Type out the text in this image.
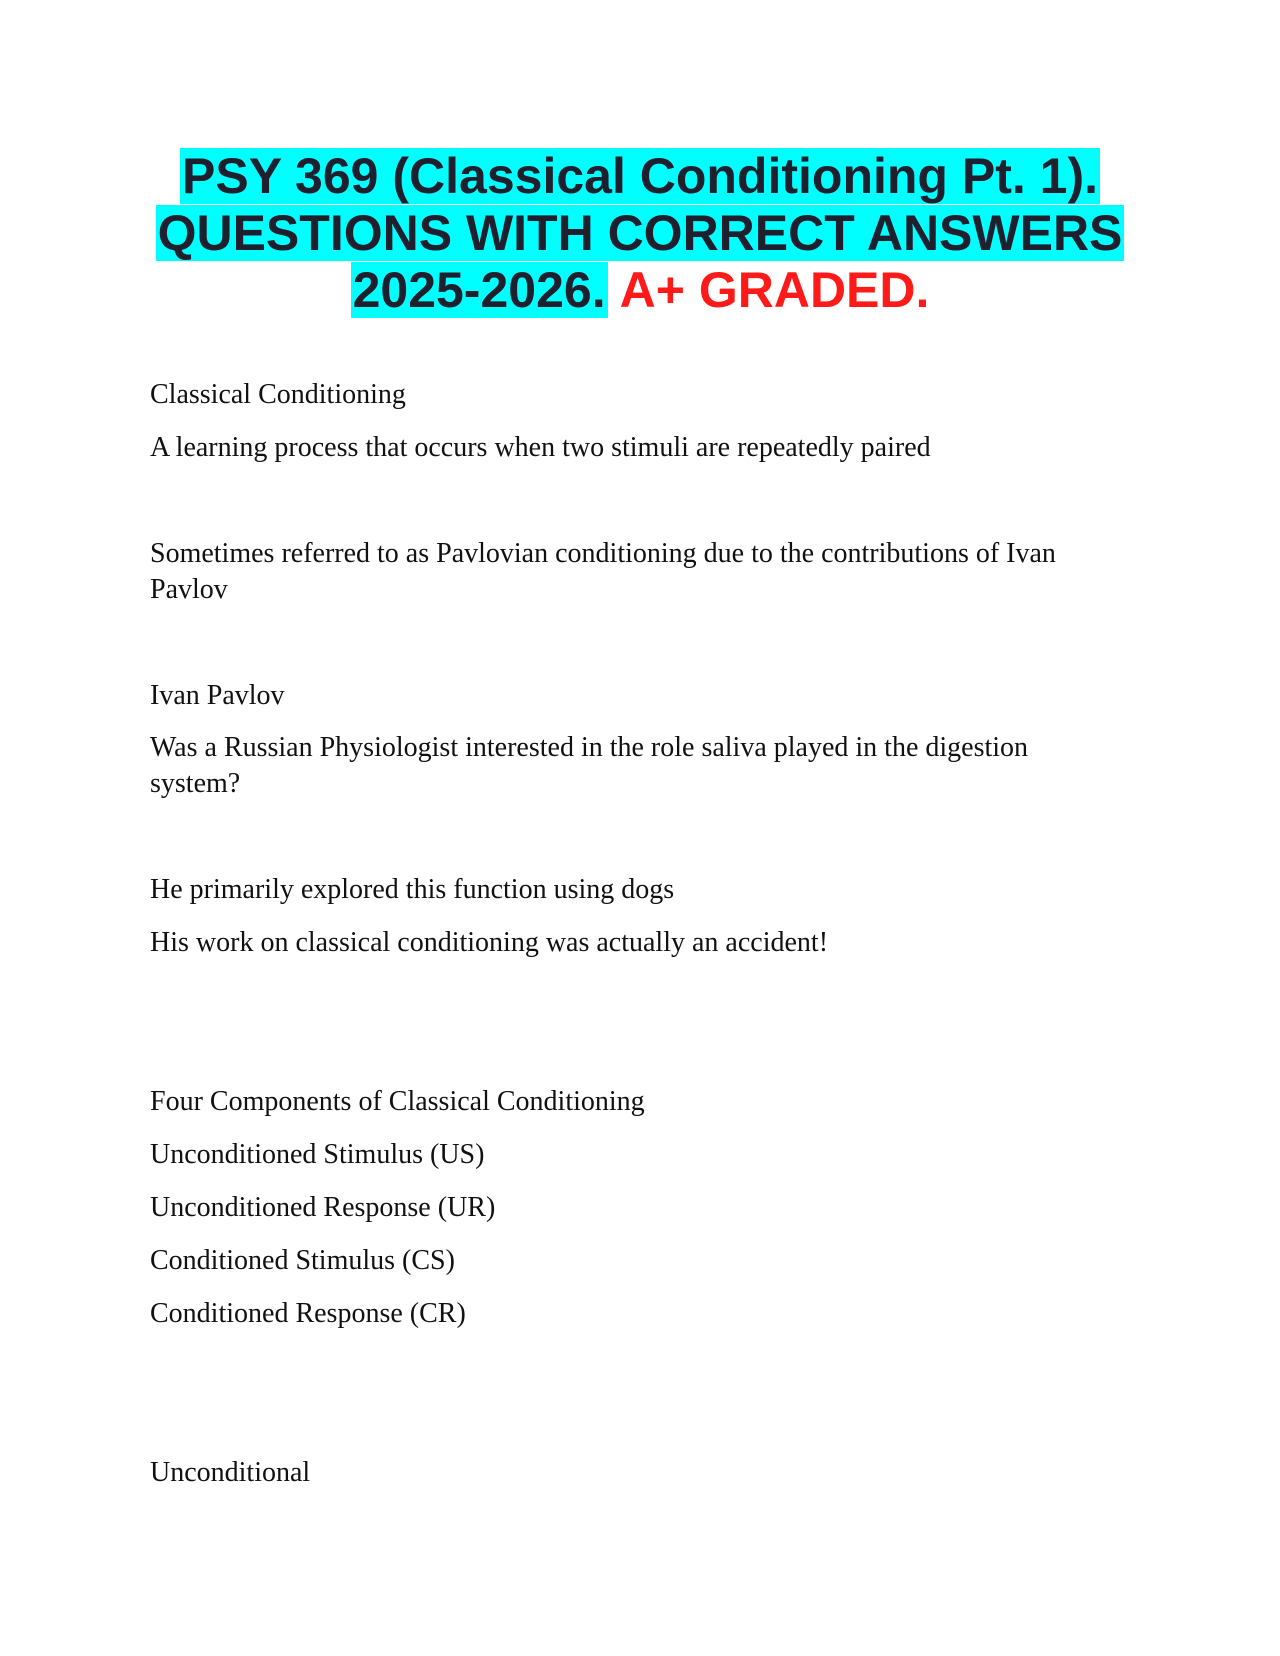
PSY 369 (Classical Conditioning Pt. 1).
QUESTIONS WITH CORRECT ANSWERS
2025-2026. A+ GRADED.
Classical Conditioning
A learning process that occurs when two stimuli are repeatedly paired
Sometimes referred to as Pavlovian conditioning due to the contributions of Ivan
Pavlov
Ivan Pavlov
Was a Russian Physiologist interested in the role saliva played in the digestion
system?
He primarily explored this function using dogs
His work on classical conditioning was actually an accident!
Four Components of Classical Conditioning
Unconditioned Stimulus (US)
Unconditioned Response (UR)
Conditioned Stimulus (CS)
Conditioned Response (CR)
Unconditional
